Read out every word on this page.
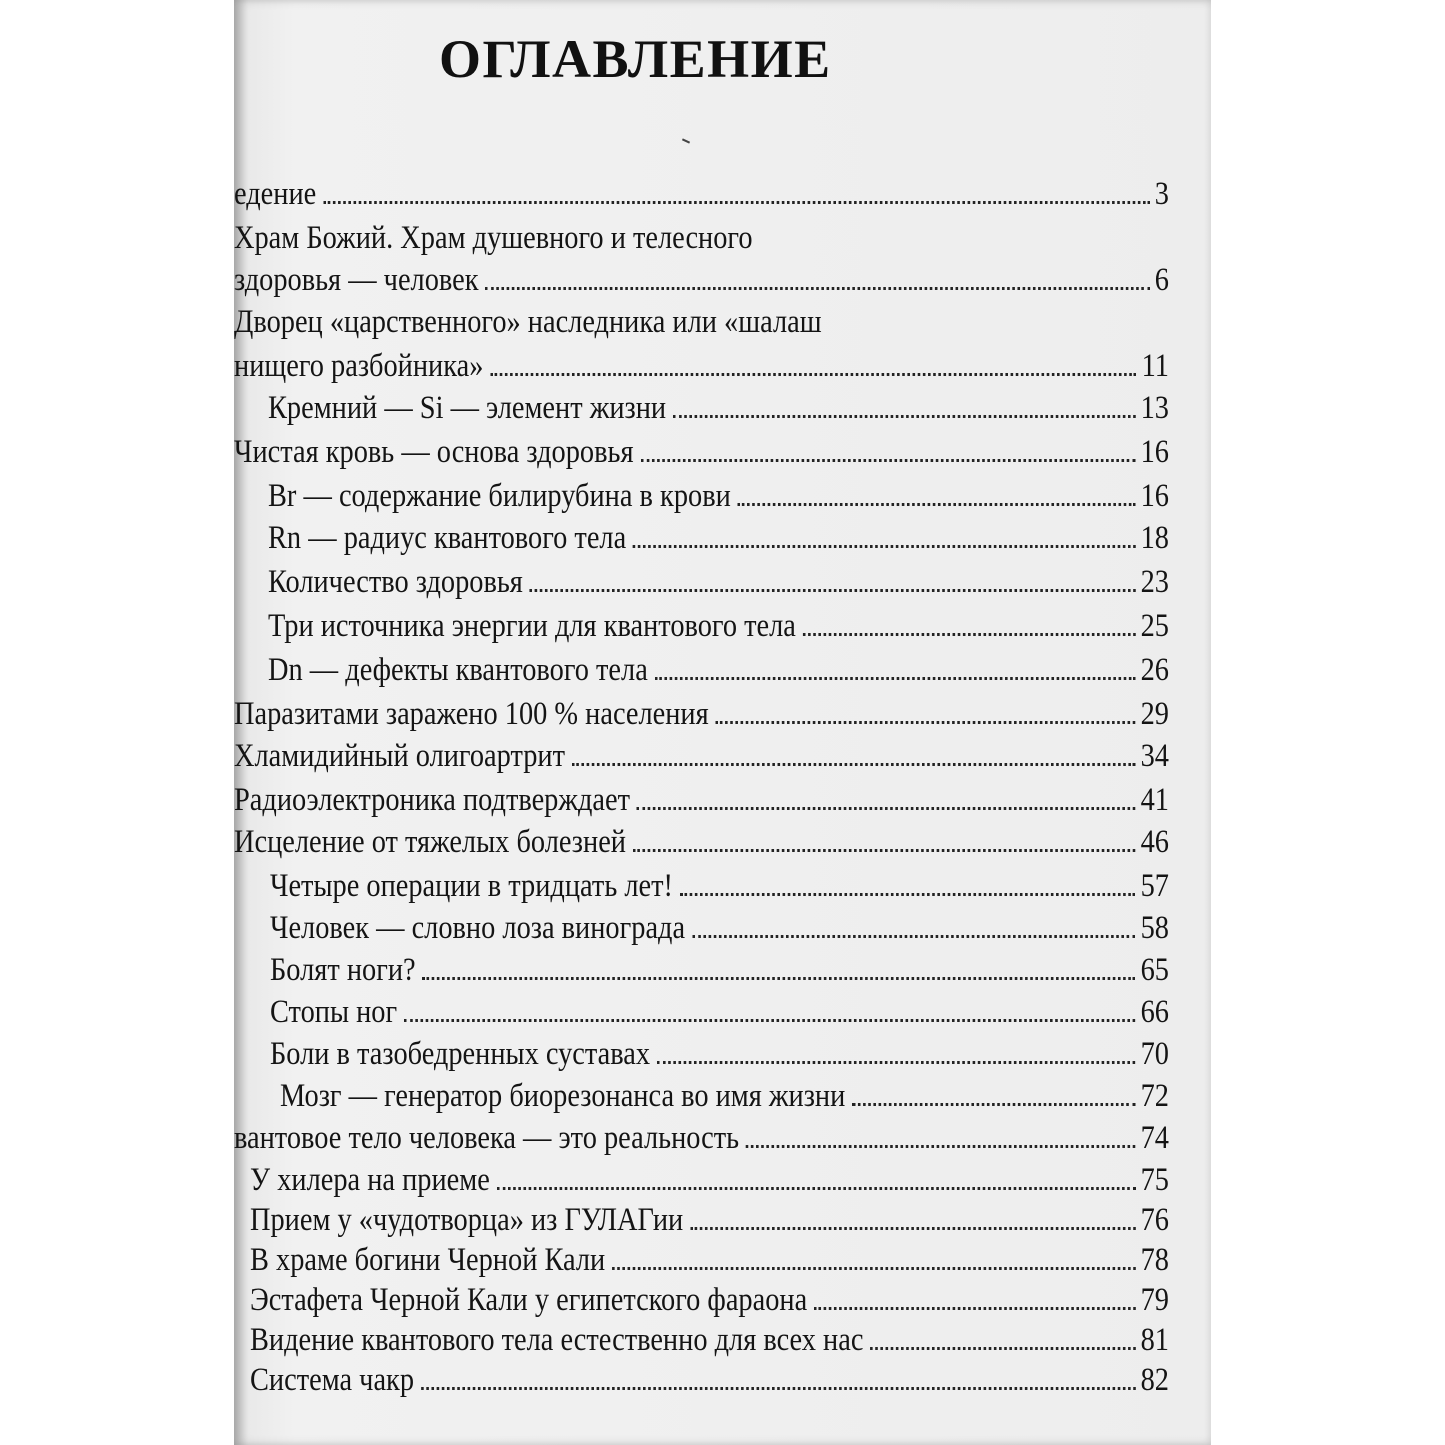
ОГЛАВЛЕНИЕ
едение	3
Храм Божий. Храм душевного и телесного
здоровья — человек	6
Дворец «царственного» наследника или «шалаш
нищего разбойника»	11
Кремний — Si — элемент жизни	13
Чистая кровь — основа здоровья	16
Br — содержание билирубина в крови	16
Rn — радиус квантового тела	18
Количество здоровья	23
Три источника энергии для квантового тела	25
Dn — дефекты квантового тела	26
Паразитами заражено 100 % населения	29
Хламидийный олигоартрит	34
Радиоэлектроника подтверждает	41
Исцеление от тяжелых болезней	46
Четыре операции в тридцать лет!	57
Человек — словно лоза винограда	58
Болят ноги?	65
Стопы ног	66
Боли в тазобедренных суставах	70
Мозг — генератор биорезонанса во имя жизни	72
вантовое тело человека — это реальность	74
У хилера на приеме	75
Прием у «чудотворца» из ГУЛАГии	76
В храме богини Черной Кали	78
Эстафета Черной Кали у египетского фараона	79
Видение квантового тела естественно для всех нас	81
Система чакр	82
